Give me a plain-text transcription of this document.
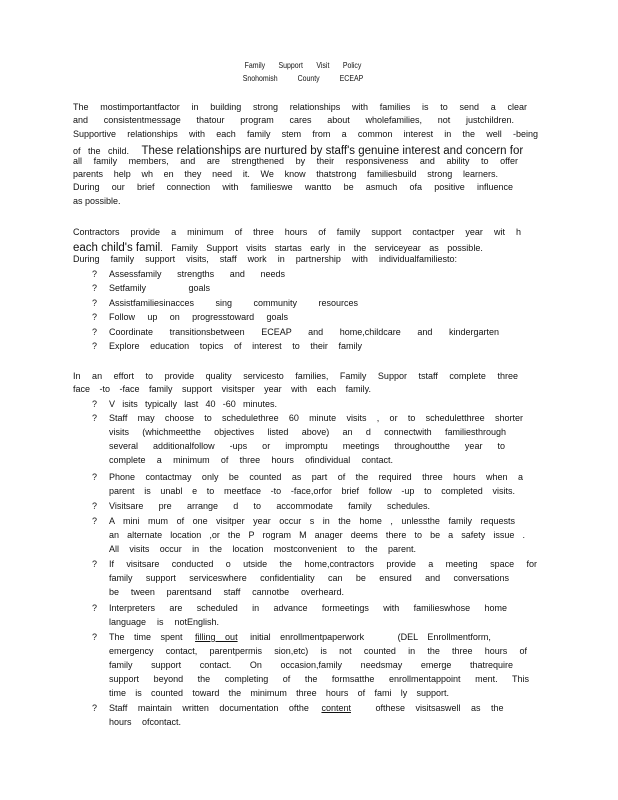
Family Support Visit Policy
Snohomish County ECEAP
The mostimportantfactor in building strong relationships with families is to send a clear
and consistentmessage thatour program cares about wholefamilies, not justchildren.
Supportive relationships with each family stem from a common interest in the well -being
of the child. These relationships are nurtured by staff's genuine interest and concern for
all family members, and are strengthened by their responsiveness and ability to offer
parents help wh en they need it. We know thatstrong familiesbuild strong learners.
During our brief connection with familieswe wantto be asmuch ofa positive influence
as possible.
Contractors provide a minimum of three hours of family support contactper year wit h
each child's famil. Family Support visits startas early in the serviceyear as possible.
During family support visits, staff work in partnership with individualfamiliesto:
? Assessfamily strengths and needs
? Setfamily goals
? Assistfamiliesinacces sing community resources
? Follow up on progresstoward goals
? Coordinate transitionsbetween ECEAP and home,childcare and kindergarten
? Explore education topics of interest to their family
In an effort to provide quality servicesto families, Family Suppor tstaff complete three
face -to -face family support visitsper year with each family.
? V isits typically last 40 -60 minutes.
? Staff may choose to schedulethree 60 minute visits , or to scheduletthree shorter
visits (whichmeetthe objectives listed above) an d connectwith familiesthrough
several additionalfollow -ups or impromptu meetings throughoutthe year to
complete a minimum of three hours ofindividual contact.
? Phone contactmay only be counted as part of the required three hours when a
parent is unabl e to meetface -to -face,orfor brief follow -up to completed visits.
? Visitsare pre arrange d to accommodate family schedules.
? A mini mum of one visitper year occur s in the home , unlessthe family requests
an alternate location ,or the P rogram M anager deems there to be a safety issue .
All visits occur in the location mostconvenient to the parent.
? If visitsare conducted o utside the home,contractors provide a meeting space for
family support serviceswhere confidentiality can be ensured and conversations
be tween parentsand staff cannotbe overheard.
? Interpreters are scheduled in advance formeetings with familieswhose home
language is notEnglish.
? The time spent filling out initial enrollmentpaperwork	(DEL Enrollmentform,
emergency contact, parentpermis sion,etc) is not counted in the three hours of
family support contact. On occasion,family needsmay emerge thatrequire
support beyond the completing of the formsatthe enrollmentappoint ment. This
time is counted toward the minimum three hours of fami ly support.
? Staff maintain written documentation ofthe content	ofthese visitsaswell as the
hours ofcontact.
